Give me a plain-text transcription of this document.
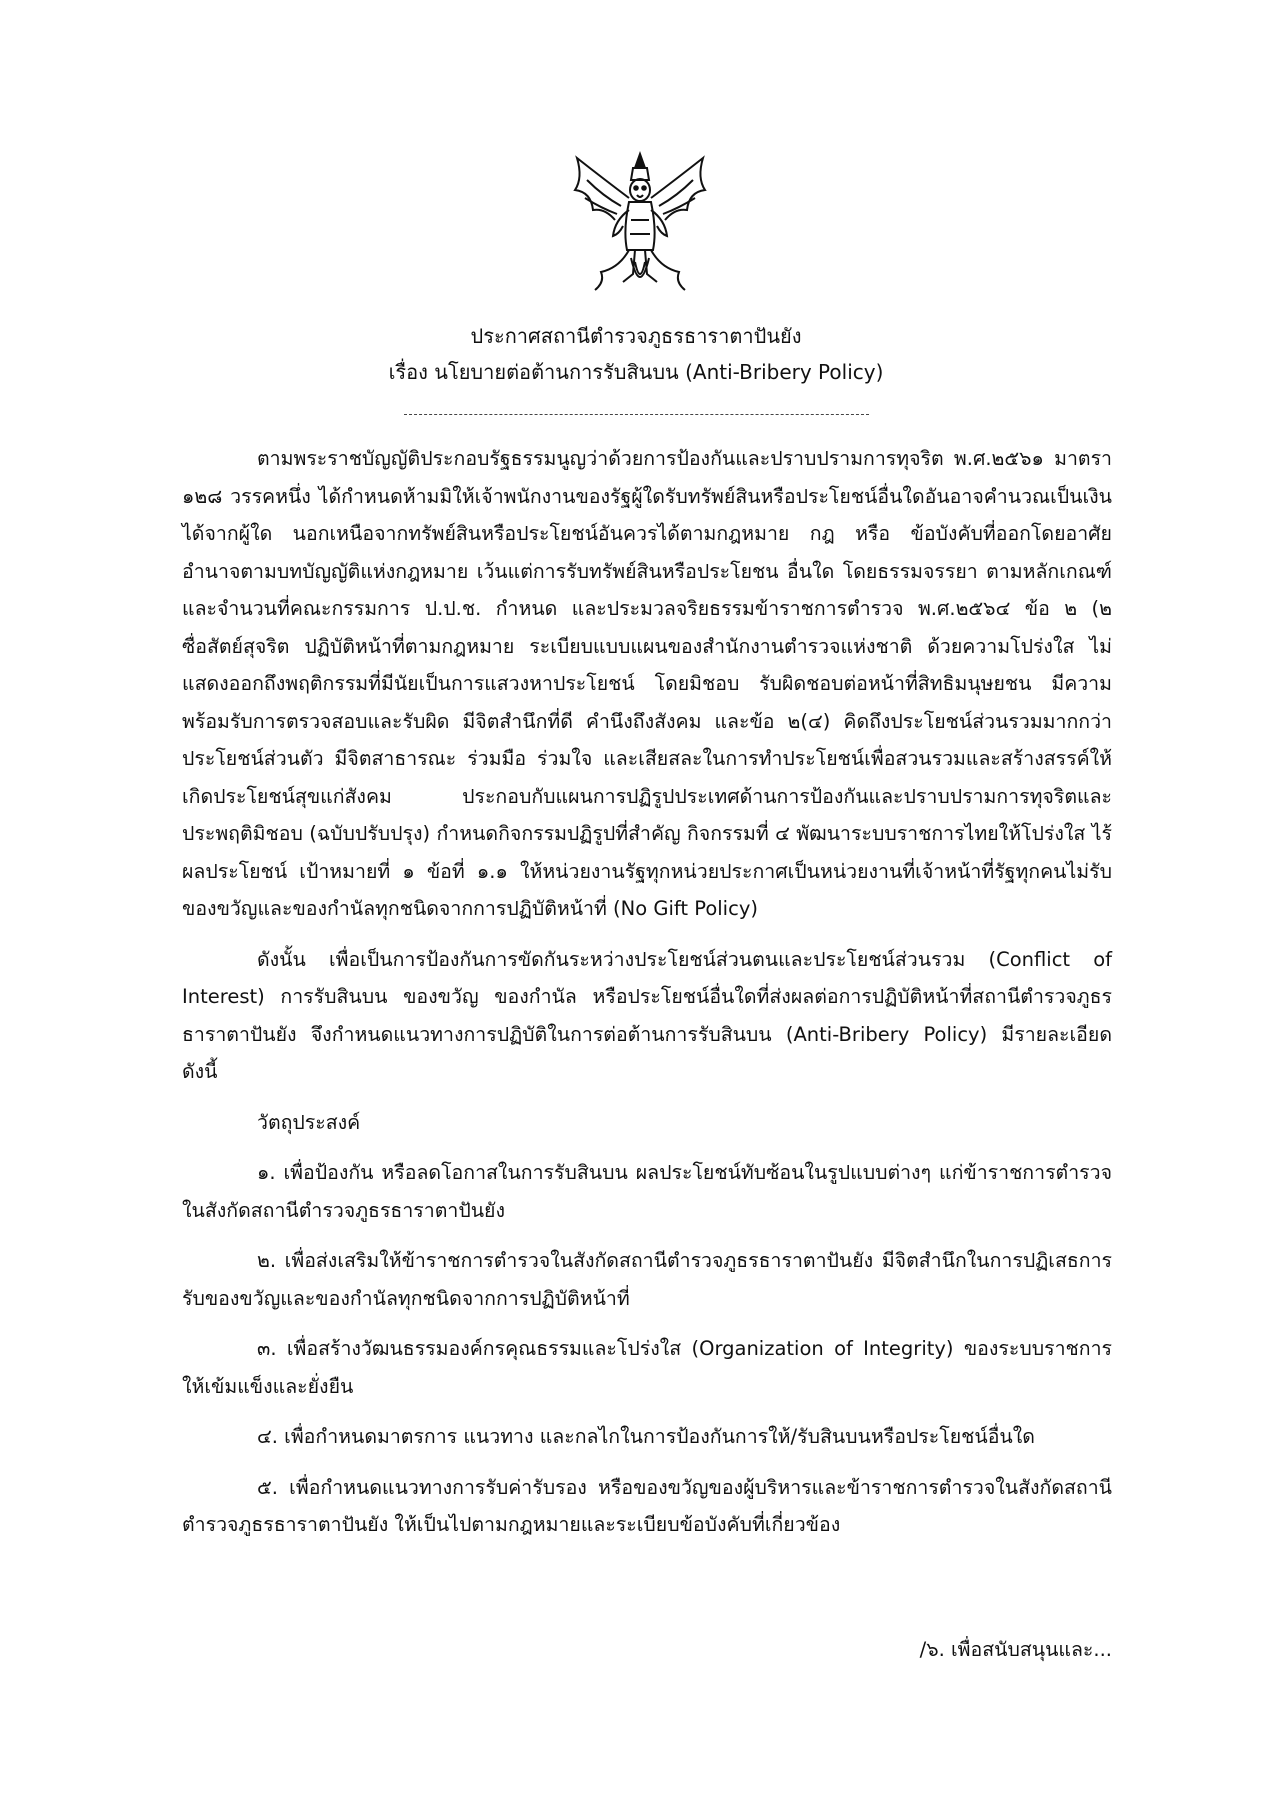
ประกาศสถานีตำรวจภูธรธาราตาปันยัง
เรื่อง นโยบายต่อต้านการรับสินบน (Anti-Bribery Policy)

ตามพระราชบัญญัติประกอบรัฐธรรมนูญว่าด้วยการป้องกันและปราบปรามการทุจริต พ.ศ.๒๕๖๑ มาตรา ๑๒๘ วรรคหนึ่ง ได้กำหนดห้ามมิให้เจ้าพนักงานของรัฐผู้ใดรับทรัพย์สินหรือประโยชน์อื่นใดอันอาจคำนวณเป็นเงินได้จากผู้ใด นอกเหนือจากทรัพย์สินหรือประโยชน์อันควรได้ตามกฎหมาย กฎ หรือ ข้อบังคับที่ออกโดยอาศัยอำนาจตามบทบัญญัติแห่งกฎหมาย เว้นแต่การรับทรัพย์สินหรือประโยชน อื่นใด โดยธรรมจรรยา ตามหลักเกณฑ์และจำนวนที่คณะกรรมการ ป.ป.ช. กำหนด และประมวลจริยธรรมข้าราชการตำรวจ พ.ศ.๒๕๖๔ ข้อ ๒ (๒ ซื่อสัตย์สุจริต ปฏิบัติหน้าที่ตามกฎหมาย ระเบียบแบบแผนของสำนักงานตำรวจแห่งชาติ ด้วยความโปร่งใส ไม่แสดงออกถึงพฤติกรรมที่มีนัยเป็นการแสวงหาประโยชน์ โดยมิชอบ รับผิดชอบต่อหน้าที่สิทธิมนุษยชน มีความพร้อมรับการตรวจสอบและรับผิด มีจิตสำนึกที่ดี คำนึงถึงสังคม และข้อ ๒(๔) คิดถึงประโยชน์ส่วนรวมมากกว่าประโยชน์ส่วนตัว มีจิตสาธารณะ ร่วมมือ ร่วมใจ และเสียสละในการทำประโยชน์เพื่อสวนรวมและสร้างสรรค์ให้เกิดประโยชน์สุขแก่สังคม ประกอบกับแผนการปฏิรูปประเทศด้านการป้องกันและปราบปรามการทุจริตและประพฤติมิชอบ (ฉบับปรับปรุง) กำหนดกิจกรรมปฏิรูปที่สำคัญ กิจกรรมที่ ๔ พัฒนาระบบราชการไทยให้โปร่งใส ไร้ผลประโยชน์ เป้าหมายที่ ๑ ข้อที่ ๑.๑ ให้หน่วยงานรัฐทุกหน่วยประกาศเป็นหน่วยงานที่เจ้าหน้าที่รัฐทุกคนไม่รับของขวัญและของกำนัลทุกชนิดจากการปฏิบัติหน้าที่ (No Gift Policy)

ดังนั้น เพื่อเป็นการป้องกันการขัดกันระหว่างประโยชน์ส่วนตนและประโยชน์ส่วนรวม (Conflict of Interest) การรับสินบน ของขวัญ ของกำนัล หรือประโยชน์อื่นใดที่ส่งผลต่อการปฏิบัติหน้าที่สถานีตำรวจภูธรธาราตาปันยัง จึงกำหนดแนวทางการปฏิบัติในการต่อต้านการรับสินบน (Anti-Bribery Policy) มีรายละเอียดดังนี้

วัตถุประสงค์

๑. เพื่อป้องกัน หรือลดโอกาสในการรับสินบน ผลประโยชน์ทับซ้อนในรูปแบบต่างๆ แก่ข้าราชการตำรวจในสังกัดสถานีตำรวจภูธรธาราตาปันยัง

๒. เพื่อส่งเสริมให้ข้าราชการตำรวจในสังกัดสถานีตำรวจภูธรธาราตาปันยัง มีจิตสำนึกในการปฏิเสธการรับของขวัญและของกำนัลทุกชนิดจากการปฏิบัติหน้าที่

๓. เพื่อสร้างวัฒนธรรมองค์กรคุณธรรมและโปร่งใส (Organization of Integrity) ของระบบราชการให้เข้มแข็งและยั่งยืน

๔. เพื่อกำหนดมาตรการ แนวทาง และกลไกในการป้องกันการให้/รับสินบนหรือประโยชน์อื่นใด

๕. เพื่อกำหนดแนวทางการรับค่ารับรอง หรือของขวัญของผู้บริหารและข้าราชการตำรวจในสังกัดสถานีตำรวจภูธรธาราตาปันยัง ให้เป็นไปตามกฎหมายและระเบียบข้อบังคับที่เกี่ยวข้อง

/๖. เพื่อสนับสนุนและ...
